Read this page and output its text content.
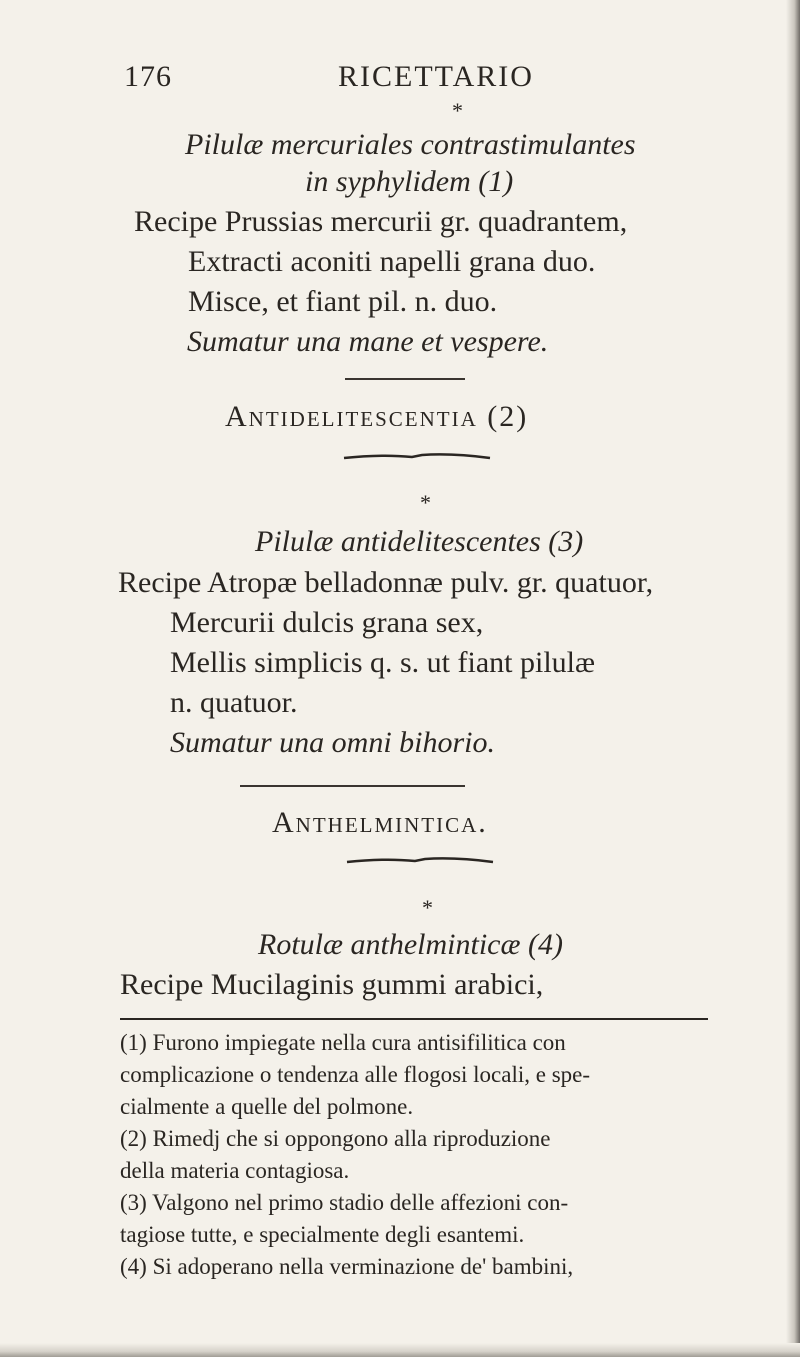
176	RICETTARIO
*
Pilulæ mercuriales contrastimulantes
in syphylidem (1)
Recipe Prussias mercurii gr. quadrantem,
Extracti aconiti napelli grana duo.
Misce, et fiant pil. n. duo.
Sumatur una mane et vespere.
Antidelitescentia (2)
*
Pilulæ antidelitescentes (3)
Recipe Atropæ belladonnæ pulv. gr. quatuor,
Mercurii dulcis grana sex,
Mellis simplicis q. s. ut fiant pilulæ
n. quatuor.
Sumatur una omni bihorio.
Anthelmintica.
*
Rotulæ anthelminticæ (4)
Recipe Mucilaginis gummi arabici,
(1) Furono impiegate nella cura antisifilitica con
complicazione o tendenza alle flogosi locali, e spe-
cialmente a quelle del polmone.
(2) Rimedj che si oppongono alla riproduzione
della materia contagiosa.
(3) Valgono nel primo stadio delle affezioni con-
tagiose tutte, e specialmente degli esantemi.
(4) Si adoperano nella verminazione de' bambini,
